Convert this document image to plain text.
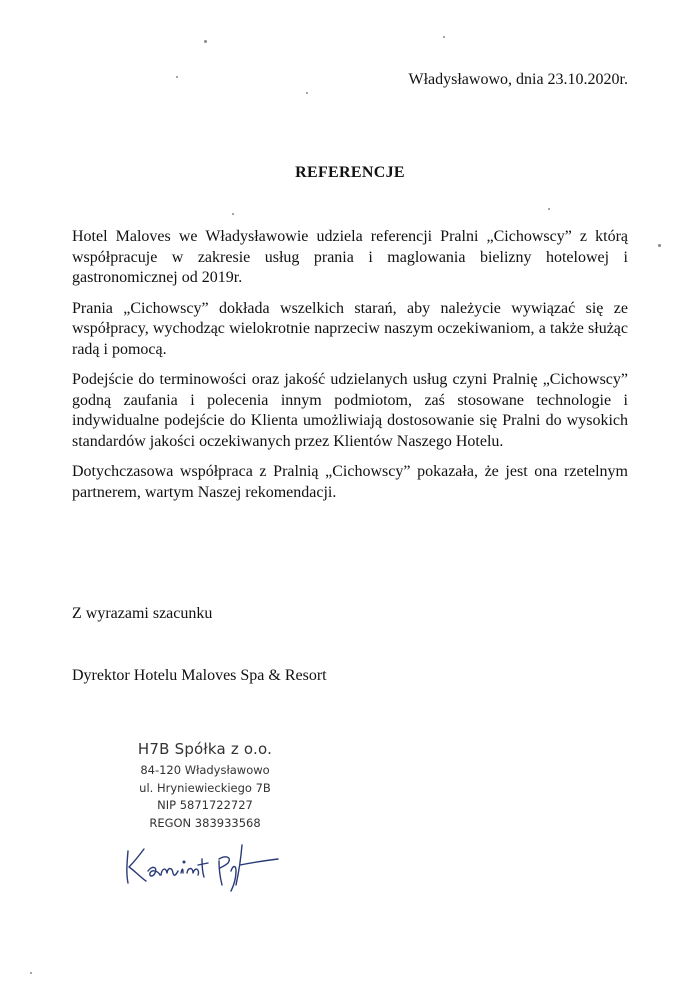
Władysławowo, dnia 23.10.2020r.
REFERENCJE

Hotel Maloves we Władysławowie udziela referencji Pralni „Cichowscy” z którą współpracuje w zakresie usług prania i maglowania bielizny hotelowej i gastronomicznej od 2019r.

Prania „Cichowscy” dokłada wszelkich starań, aby należycie wywiązać się ze współpracy, wychodząc wielokrotnie naprzeciw naszym oczekiwaniom, a także służąc radą i pomocą.

Podejście do terminowości oraz jakość udzielanych usług czyni Pralnię „Cichowscy” godną zaufania i polecenia innym podmiotom, zaś stosowane technologie i indywidualne podejście do Klienta umożliwiają dostosowanie się Pralni do wysokich standardów jakości oczekiwanych przez Klientów Naszego Hotelu.

Dotychczasowa współpraca z Pralnią „Cichowscy” pokazała, że jest ona rzetelnym partnerem, wartym Naszej rekomendacji.

Z wyrazami szacunku
Dyrektor Hotelu Maloves Spa & Resort
H7B Spółka z o.o.
84-120 Władysławowo
ul. Hryniewieckiego 7B
NIP 5871722727
REGON 383933568
